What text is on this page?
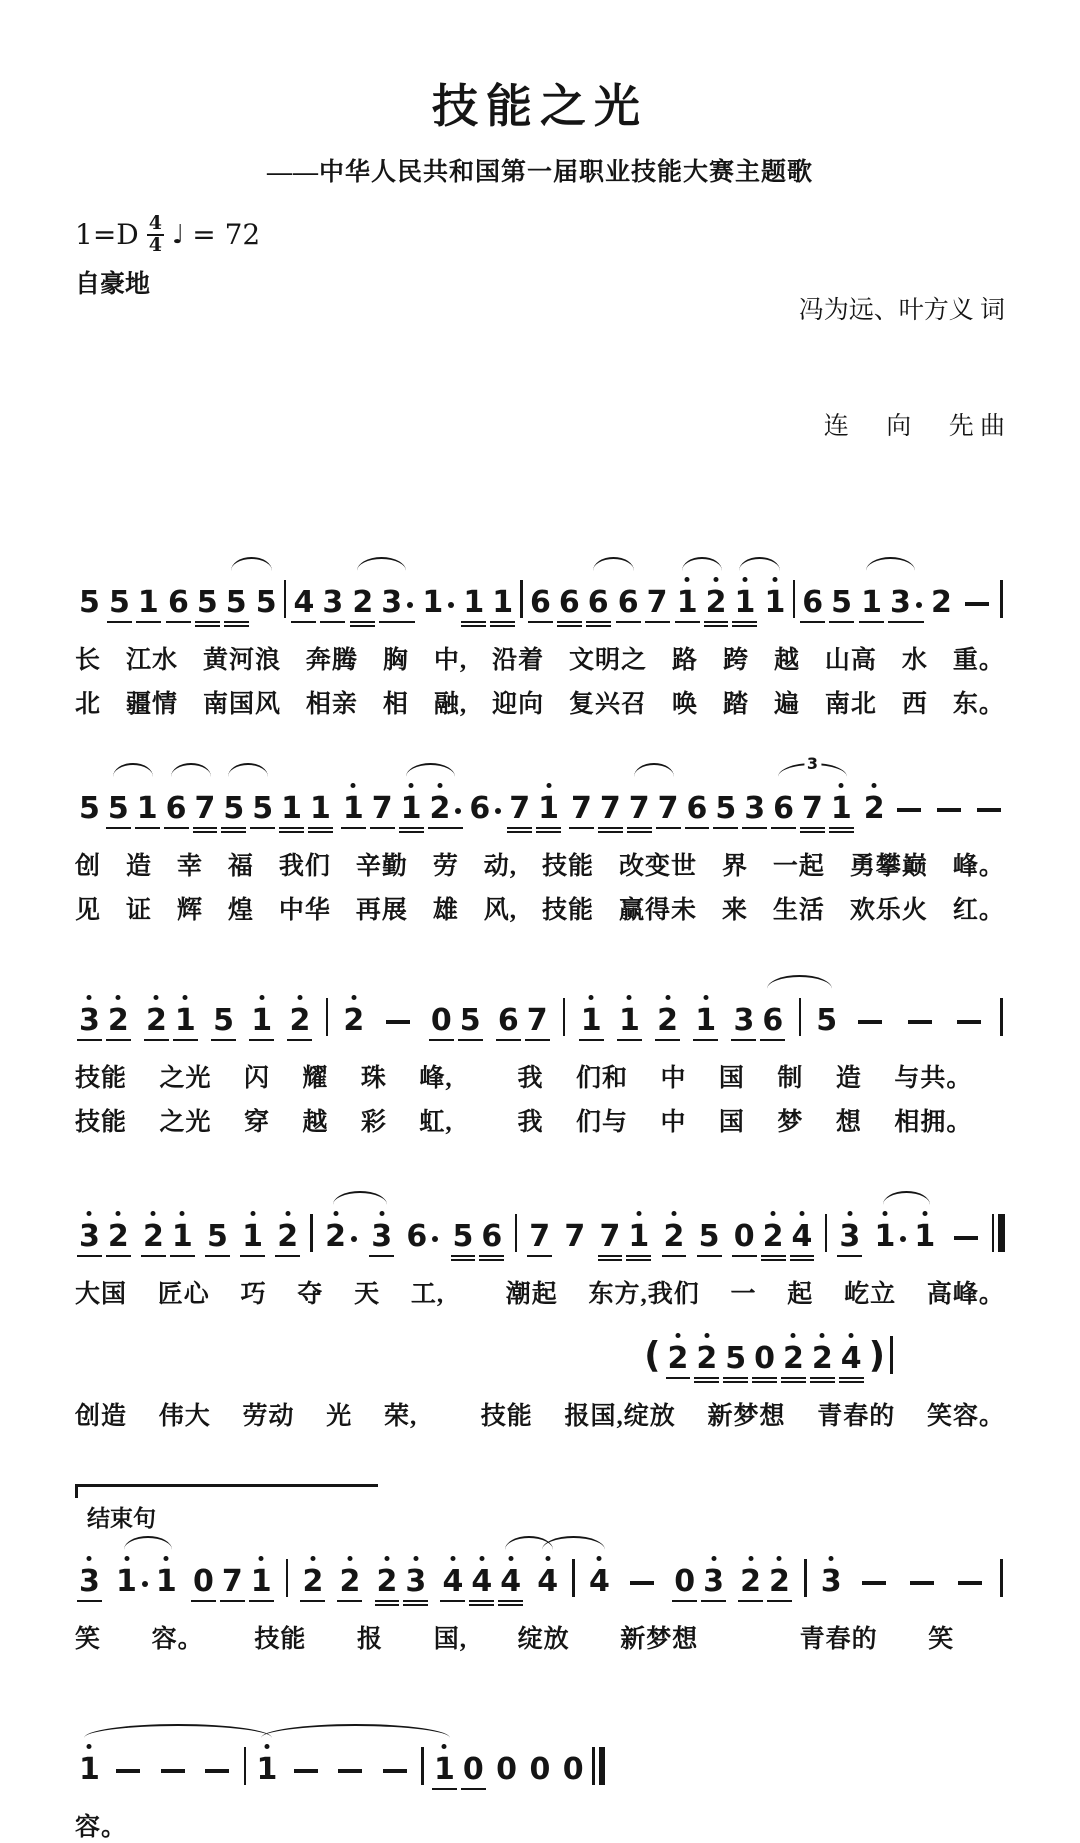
技能之光
——中华人民共和国第一届职业技能大赛主题歌
$1=D \frac{4}{4}$ ♩ = 72
自豪地

冯为远、叶方义 词

连      向      先 曲

5 5 1 6 5 5 5 4 3 2 3 1 1 1 6 6 6 6 7 1 2 1 1 6 5 1 3 2
长 江水 黄河浪 奔腾 胸 中, 沿着 文明之 路 跨 越 山高 水 重。
北 疆情 南国风 相亲 相 融, 迎向 复兴召 唤 踏 遍 南北 西 东。
5 5 1 6 7 5 5 1 1 1 7 1 2 6 7 1 7 7 7 7 6 5 3 6 7 1 2
3
创 造 幸 福 我们 辛勤 劳 动, 技能 改变世 界 一起 勇攀巅 峰。
见 证 辉 煌 中华 再展 雄 风, 技能 赢得未 来 生活 欢乐火 红。
3 2 2 1 5 1 2 2 0 5 6 7 1 1 2 1 3 6 5
技能 之光 闪 耀 珠 峰,	我 们和 中 国 制 造 与共。
技能 之光 穿 越 彩 虹,	我 们与 中 国 梦 想 相拥。
3 2 2 1 5 1 2 2 3 6 5 6 7 7 7 1 2 5 0 2 4 3 1 1
大国 匠心 巧 夺 天 工, 潮起 东方,我们 一 起 屹立 高峰。
( 2 2 5 0 2 2 4 )
创造 伟大 劳动 光 荣,	技能 报国,绽放 新梦想 青春的 笑容。
结束句
3 1 1 0 7 1 2 2 2 3 4 4 4 4 4 0 3 2 2 3
笑 容。 技能 报 国, 绽放 新梦想	青春的 笑
1	1	1 0 0 0 0
容。
